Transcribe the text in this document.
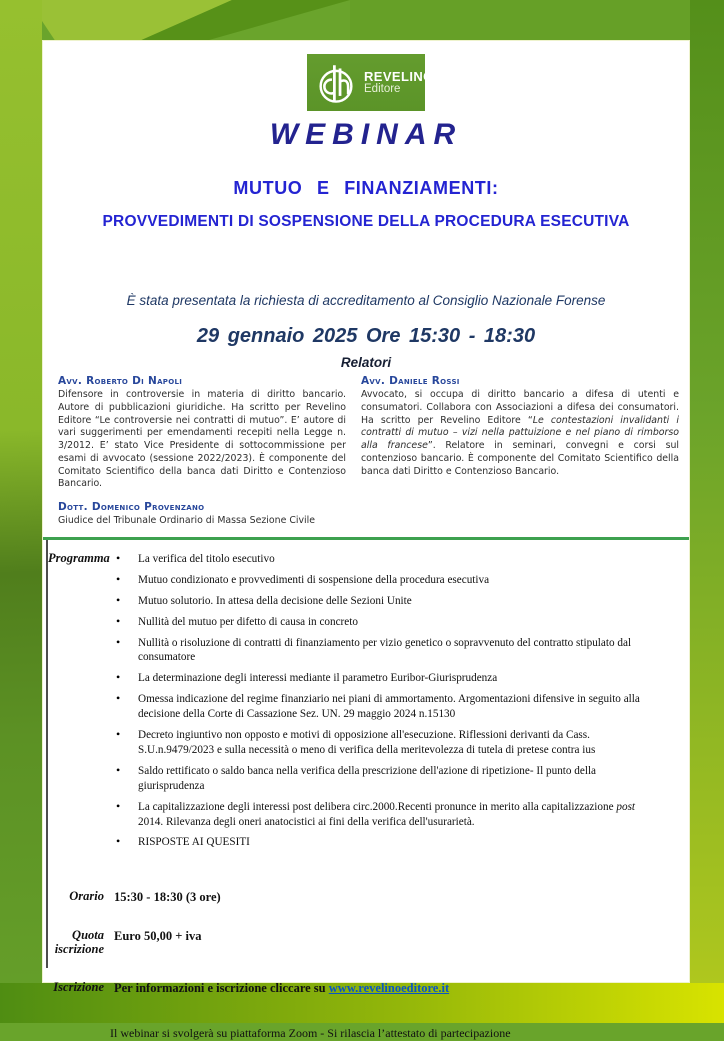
REVELINO
Editore
WEBINAR
MUTUO E FINANZIAMENTI:
PROVVEDIMENTI DI SOSPENSIONE DELLA PROCEDURA ESECUTIVA
È stata presentata la richiesta di accreditamento al Consiglio Nazionale Forense
29 gennaio 2025 Ore 15:30 - 18:30
Relatori
Avv. Roberto Di Napoli
Difensore in controversie in materia di diritto bancario. Autore di pubblicazioni giuridiche. Ha scritto per Revelino Editore “Le controversie nei contratti di mutuo”. E’ autore di vari suggerimenti per emendamenti recepiti nella Legge n. 3/2012. E’ stato Vice Presidente di sottocommissione per esami di avvocato (sessione 2022/2023). È componente del Comitato Scientifico della banca dati Diritto e Contenzioso Bancario.
Avv. Daniele Rossi
Avvocato, si occupa di diritto bancario a difesa di utenti e consumatori. Collabora con Associazioni a difesa dei consumatori. Ha scritto per Revelino Editore “Le contestazioni invalidanti i contratti di mutuo – vizi nella pattuizione e nel piano di rimborso alla francese”. Relatore in seminari, convegni e corsi sul contenzioso bancario. È componente del Comitato Scientifico della banca dati Diritto e Contenzioso Bancario.
Dott. Domenico Provenzano
Giudice del Tribunale Ordinario di Massa Sezione Civile
Programma	• La verifica del titolo esecutivo
• Mutuo condizionato e provvedimenti di sospensione della procedura esecutiva
• Mutuo solutorio. In attesa della decisione delle Sezioni Unite
• Nullità del mutuo per difetto di causa in concreto
• Nullità o risoluzione di contratti di finanziamento per vizio genetico o sopravvenuto del contratto stipulato dal consumatore
• La determinazione degli interessi mediante il parametro Euribor-Giurisprudenza
• Omessa indicazione del regime finanziario nei piani di ammortamento. Argomentazioni difensive in seguito alla decisione della Corte di Cassazione Sez. UN. 29 maggio 2024 n.15130
• Decreto ingiuntivo non opposto e motivi di opposizione all'esecuzione. Riflessioni derivanti da Cass. S.U.n.9479/2023 e sulla necessità o meno di verifica della meritevolezza di tutela di pretese contra ius
• Saldo rettificato o saldo banca nella verifica della prescrizione dell'azione di ripetizione- Il punto della giurisprudenza
• La capitalizzazione degli interessi post delibera circ.2000.Recenti pronunce in merito alla capitalizzazione post 2014. Rilevanza degli oneri anatocistici ai fini della verifica dell'usurarietà.
• RISPOSTE AI QUESITI
Orario 15:30 - 18:30 (3 ore)
Quota iscrizione
Euro 50,00 + iva
Iscrizione Per informazioni e iscrizione cliccare su www.revelinoeditore.it
Il webinar si svolgerà su piattaforma Zoom - Si rilascia l’attestato di partecipazione
